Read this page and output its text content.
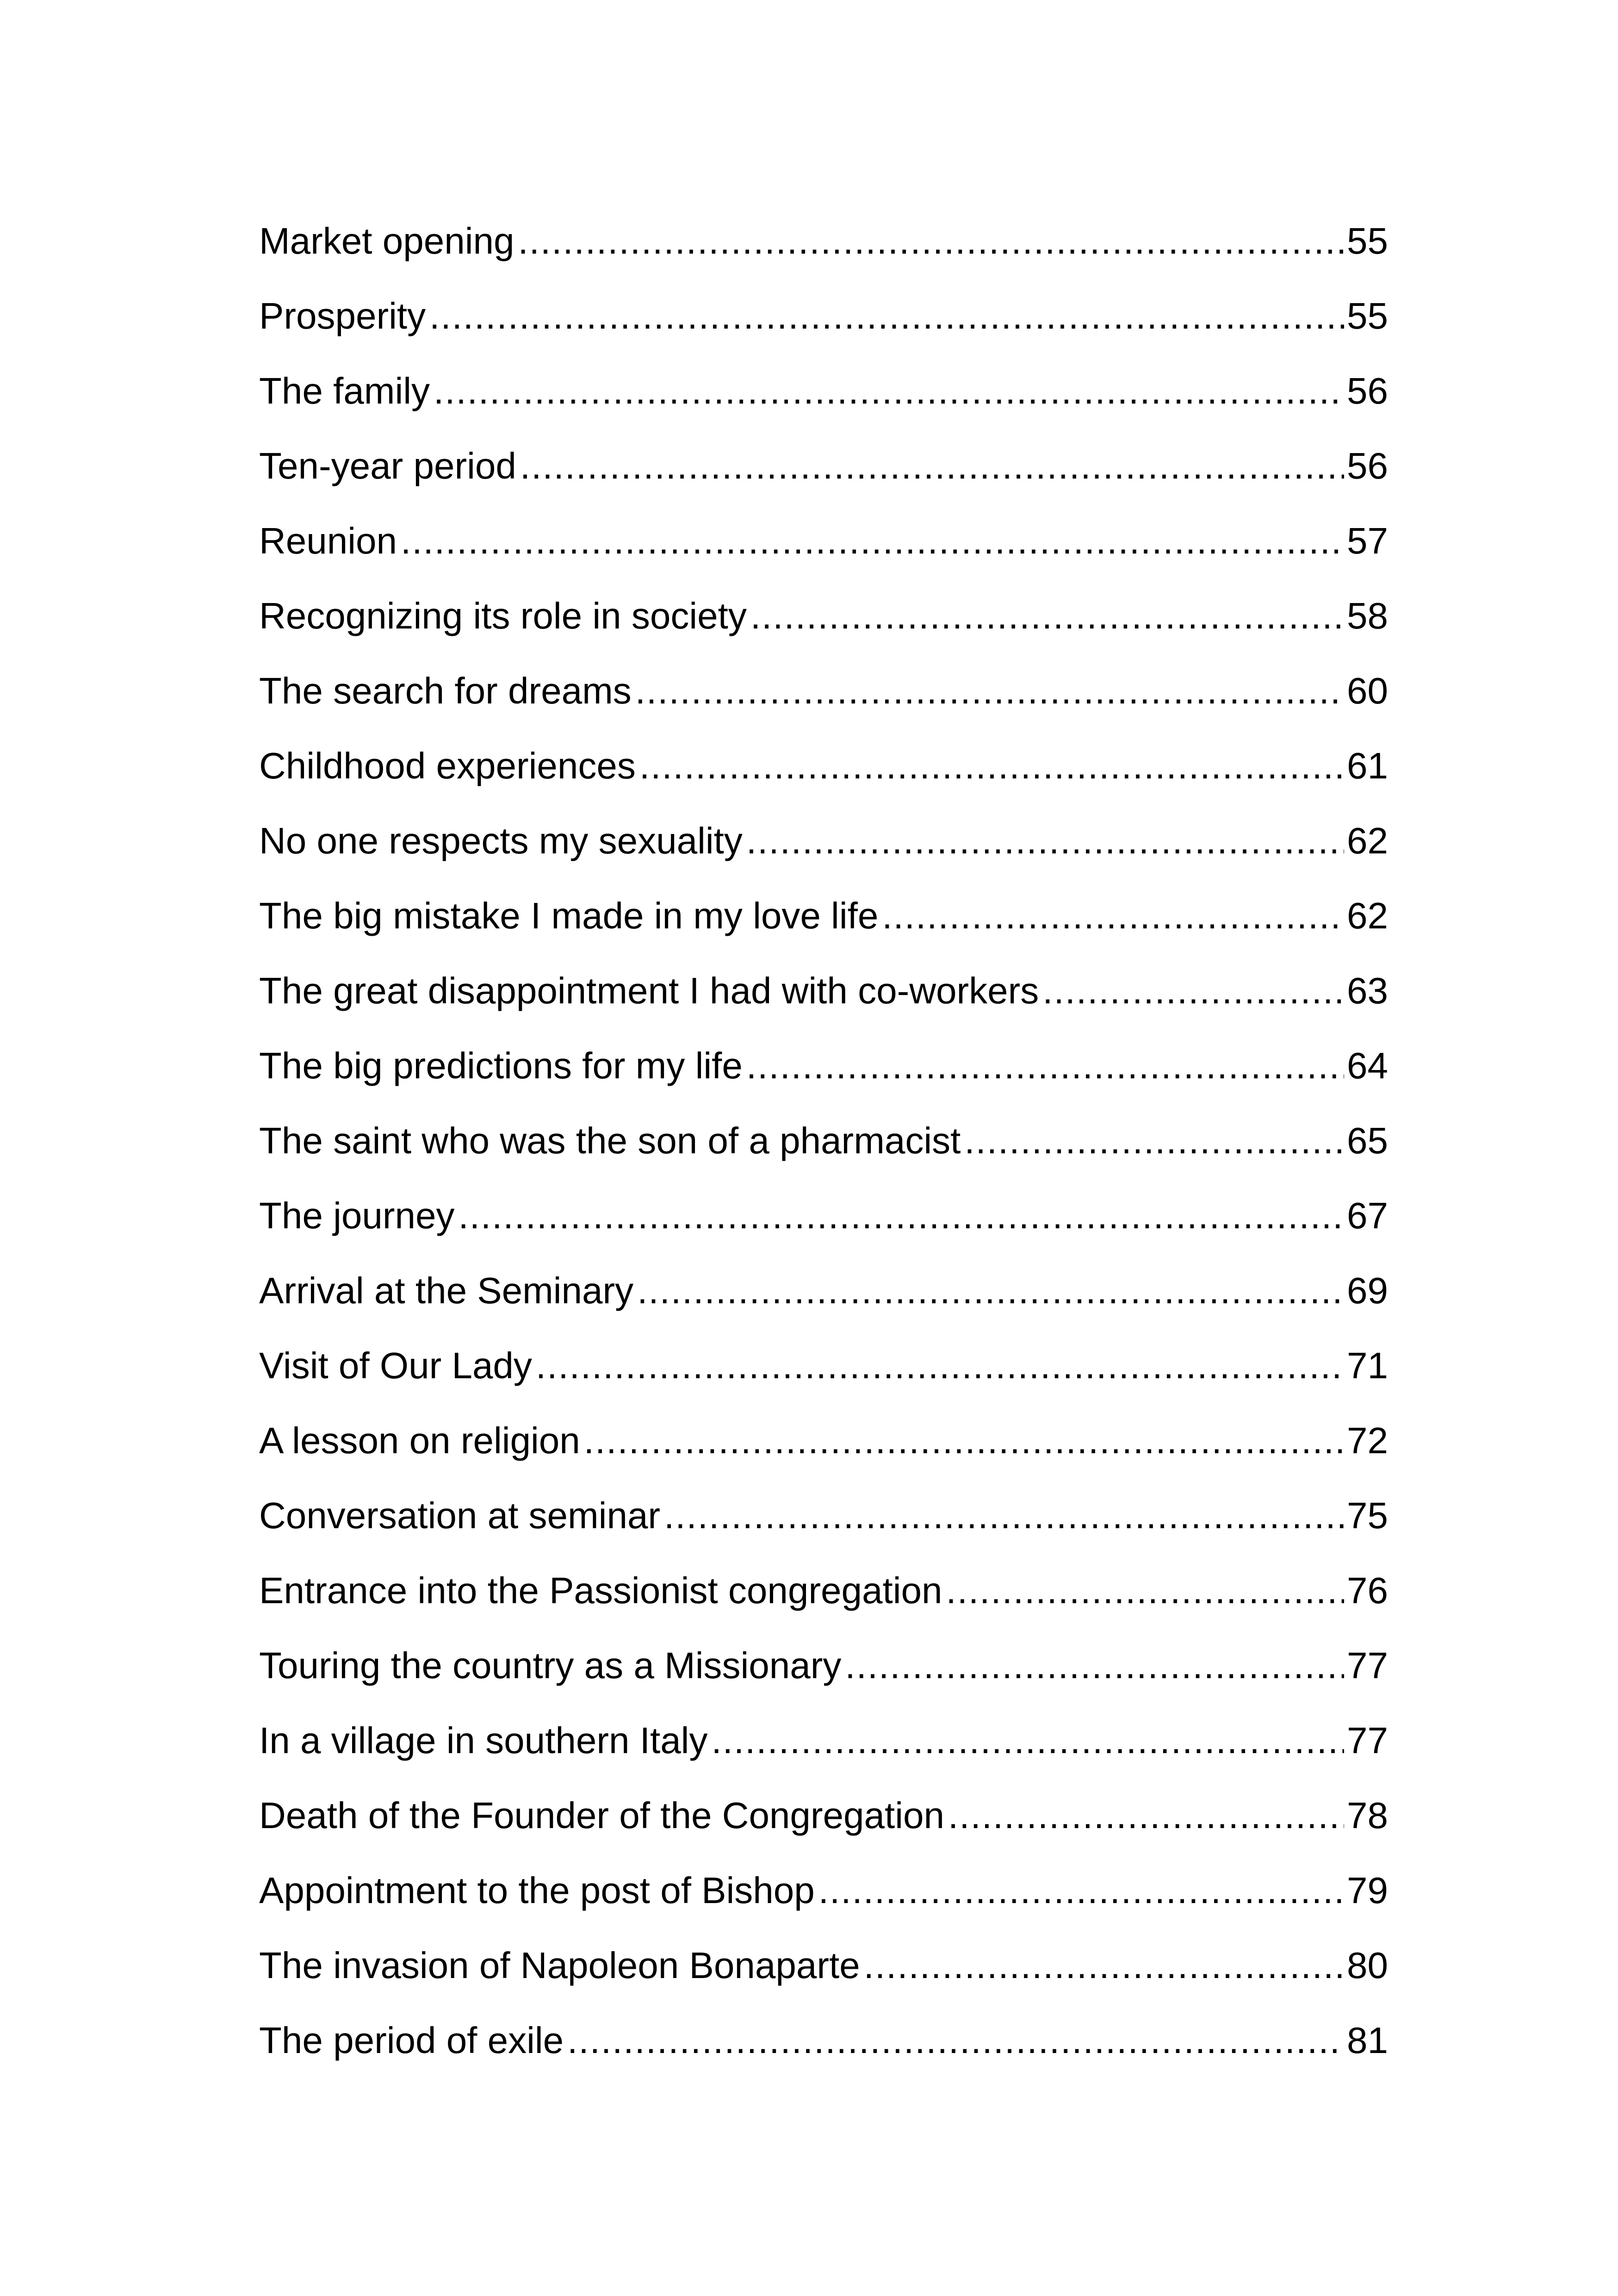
Market opening .....	55
Prosperity .....	55
The family .....	56
Ten-year period .....	56
Reunion .....	57
Recognizing its role in society .....	58
The search for dreams .....	60
Childhood experiences .....	61
No one respects my sexuality .....	62
The big mistake I made in my love life .....	62
The great disappointment I had with co-workers .....	63
The big predictions for my life .....	64
The saint who was the son of a pharmacist .....	65
The journey .....	67
Arrival at the Seminary .....	69
Visit of Our Lady .....	71
A lesson on religion .....	72
Conversation at seminar .....	75
Entrance into the Passionist congregation .....	76
Touring the country as a Missionary .....	77
In a village in southern Italy .....	77
Death of the Founder of the Congregation .....	78
Appointment to the post of Bishop .....	79
The invasion of Napoleon Bonaparte .....	80
The period of exile .....	81
